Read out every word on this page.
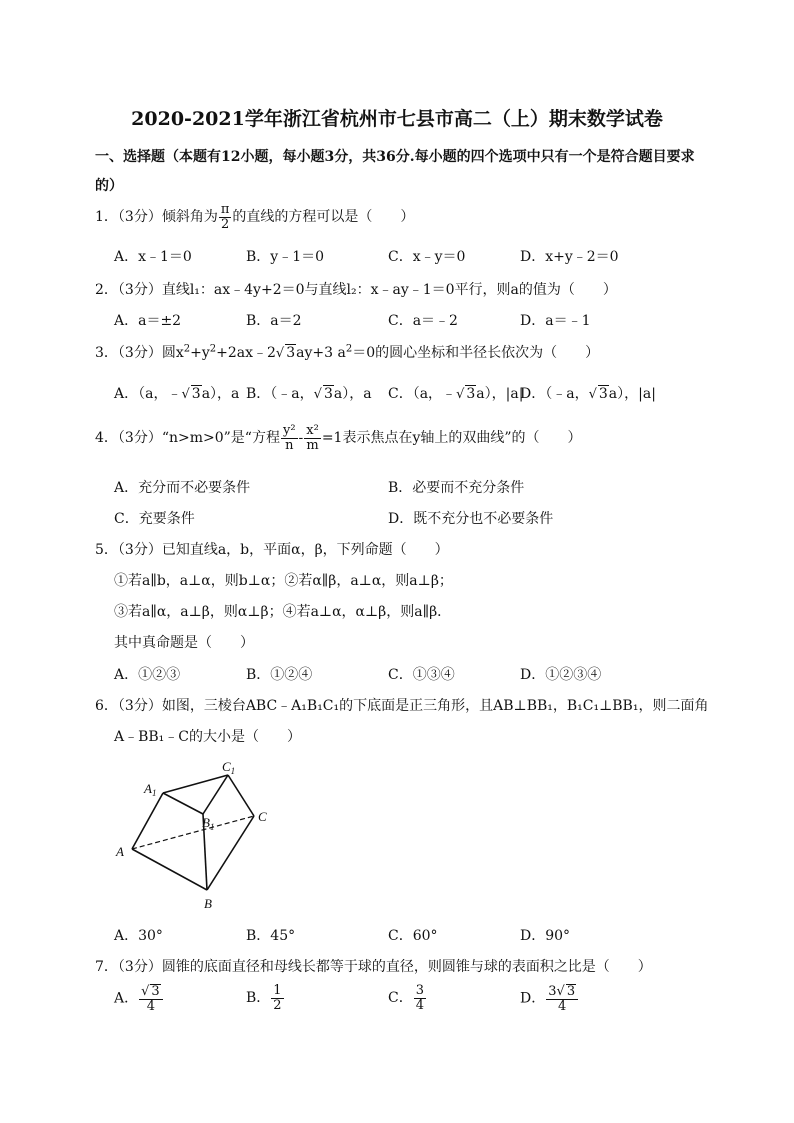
2020-2021学年浙江省杭州市七县市高二（上）期末数学试卷
一、选择题（本题有12小题，每小题3分，共36分.每小题的四个选项中只有一个是符合题目要求
的）
1．（3分）倾斜角为 $\frac{\pi}{2}$ 的直线的方程可以是（　　）
A．x﹣1＝0	B．y﹣1＝0	C．x﹣y＝0	D．x+y﹣2＝0
2．（3分）直线l₁：ax﹣4y+2＝0与直线l₂：x﹣ay﹣1＝0平行，则a的值为（　　）
A．a＝±2	B．a＝2	C．a＝﹣2	D．a＝﹣1
3．（3分）圆$x^2+y^2+2ax﹣2√$ 3ay+3 $a^2=0$的圆心坐标和半径长依次为（　　）
A．（a，﹣√ 3a），a B．（﹣a，√ 3a），a C．（a，﹣√ 3a），|a|
D．（﹣a，√ 3a），|a|
4．（3分）“n>m>0”是“方程 $\frac{\text{y²}}{n} - \frac{\text{x²}}{m} =1$表示焦点在y轴上的双曲线”的（　　）
A．充分而不必要条件	B．必要而不充分条件
C．充要条件	D．既不充分也不必要条件
5．（3分）已知直线a，b，平面α，β，下列命题（　　）
①若a∥b，a⊥α，则b⊥α；②若α∥β，a⊥α，则a⊥β；
③若a∥α，a⊥β，则α⊥β；④若a⊥α，α⊥β，则a∥β．
其中真命题是（　　）
A．①②③	B．①②④	C．①③④	D．①②③④
6．（3分）如图，三棱台ABC﹣A₁B₁C₁的下底面是正三角形，且AB⊥BB₁，B₁C₁⊥BB₁，则二面角
A﹣BB₁﹣C的大小是（　　）
$A_1$
$C_1$
$B_1$
C
A
B
A．30°	B．45°	C．60°	D．90°
7．（3分）圆锥的底面直径和母线长都等于球的直径，则圆锥与球的表面积之比是（　　）
A． $\frac{√ 3}{4}$	B． $\frac{1}{2}$	C． $\frac{3}{4}$	D． $\frac{3√ 3}{4}$
